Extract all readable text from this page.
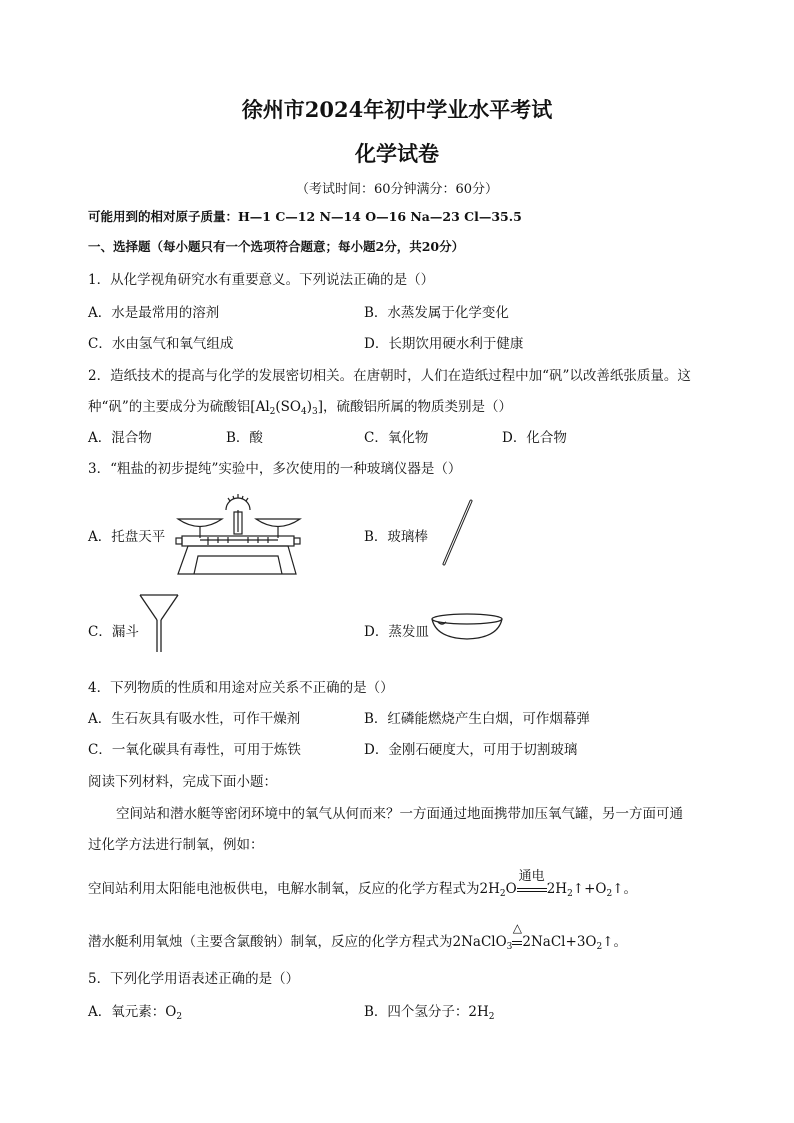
徐州市2024年初中学业水平考试
化学试卷
（考试时间：60分钟满分：60分）
可能用到的相对原子质量：H—1 C—12 N—14 O—16 Na—23 Cl—35.5
一、选择题（每小题只有一个选项符合题意；每小题2分，共20分）
1．从化学视角研究水有重要意义。下列说法正确的是（）
A．水是最常用的溶剂	B．水蒸发属于化学变化
C．水由氢气和氧气组成	D．长期饮用硬水利于健康
2．造纸技术的提高与化学的发展密切相关。在唐朝时，人们在造纸过程中加“矾”以改善纸张质量。这
种“矾”的主要成分为硫酸铝$[Al_2(SO_4)_3]$，硫酸铝所属的物质类别是（）
A．混合物	B．酸	C．氧化物	D．化合物
3．“粗盐的初步提纯”实验中，多次使用的一种玻璃仪器是（）
A．托盘天平	B．玻璃棒
C．漏斗	D．蒸发皿
4．下列物质的性质和用途对应关系不正确的是（）
A．生石灰具有吸水性，可作干燥剂	B．红磷能燃烧产生白烟，可作烟幕弹
C．一氧化碳具有毒性，可用于炼铁	D．金刚石硬度大，可用于切割玻璃
阅读下列材料，完成下面小题：
空间站和潜水艇等密闭环境中的氧气从何而来？一方面通过地面携带加压氧气罐，另一方面可通
过化学方法进行制氧，例如：
空间站利用太阳能电池板供电，电解水制氧，反应的化学方程式为$2H_2O$
通电
$2H_2↑+O_2↑$。
潜水艇利用氧烛（主要含氯酸钠）制氧，反应的化学方程式为2NaClO$_3$
△
$2NaCl+3O_2↑$。
5．下列化学用语表述正确的是（）
A．氧元素：$O_2$	B．四个氢分子：$2H_2$
